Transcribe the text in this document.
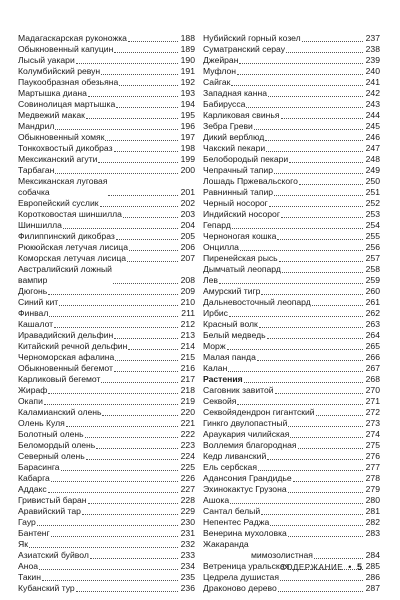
Мадагаскарская руконожка	188
Обыкновенный капуцин	189
Лысый уакари	190
Колумбийский ревун	191
Паукообразная обезьяна	192
Мартышка диана	193
Совинолицая мартышка	194
Медвежий макак	195
Мандрил	196
Обыкновенный хомяк	197
Тонкохвостый дикобраз	198
Мексиканский агути	199
Тарбаган	200
Мексиканская луговая
собачка	201
Европейский суслик	202
Коротковостая шиншилла	203
Шиншилла	204
Филиппинский дикобраз	205
Рюкюйская летучая лисица	206
Коморская летучая лисица	207
Австралийский ложный
вампир	208
Дюгонь	209
Синий кит	210
Финвал	211
Кашалот	212
Иравадийский дельфин	213
Китайский речной дельфин	214
Черноморская афалина	215
Обыкновенный бегемот	216
Карликовый бегемот	217
Жираф	218
Окапи	219
Каламианский олень	220
Олень Куля	221
Болотный олень	222
Беломордый олень	223
Северный олень	224
Барасинга	225
Кабарга	226
Аддакс	227
Гривистый баран	228
Аравийский тар	229
Гаур	230
Бантенг	231
Як	232
Азиатский буйвол	233
Аноа	234
Такин	235
Кубанский тур	236
Нубийский горный козел	237
Суматранский серау	238
Джейран	239
Муфлон	240
Сайгак	241
Западная канна	242
Бабирусса	243
Карликовая свинья	244
Зебра Греви	245
Дикий верблюд	246
Чакский пекари	247
Белобородый пекари	248
Чепрачный тапир	249
Лошадь Пржевальского	250
Равнинный тапир	251
Черный носорог	252
Индийский носорог	253
Гепард	254
Черноногая кошка	255
Онцилла	256
Пиренейская рысь	257
Дымчатый леопард	258
Лев	259
Амурский тигр	260
Дальневосточный леопард	261
Ирбис	262
Красный волк	263
Белый медведь	264
Морж	265
Малая панда	266
Калан	267
Растения	268
Саговник завитой	270
Секвойя	271
Секвойядендрон гигантский	272
Гинкго двулопастный	273
Араукария чилийская	274
Воллемия благородная	275
Кедр ливанский	276
Ель сербская	277
Адансония Грандидье	278
Эхинокактус Грузона	279
Ашока	280
Сантал белый	281
Непентес Раджа	282
Венерина мухоловка	283
Жакаранда
мимозолистная	284
Ветреница уральская	285
Цедрела душистая	286
Драконово дерево	287
СОДЕРЖАНИЕ • 5
